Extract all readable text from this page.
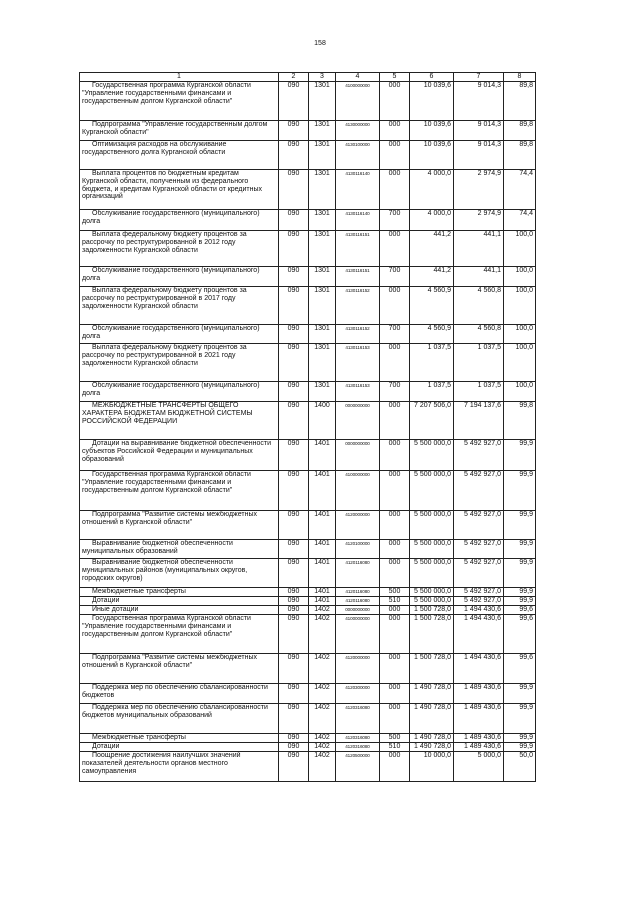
158
1	2	3	4	5	6	7	8
Государственная программа Курганской области "Управление государственными финансами и государственным долгом Курганской области"	090	1301	4100000000	000	10 039,6	9 014,3	89,8
Подпрограмма "Управление государственным долгом Курганской области"	090	1301	4130000000	000	10 039,6	9 014,3	89,8
Оптимизация расходов на обслуживание государственного долга Курганской области	090	1301	4130100000	000	10 039,6	9 014,3	89,8
Выплата процентов по бюджетным кредитам Курганской области, полученным из федерального бюджета, и кредитам Курганской области от кредитных организаций	090	1301	4130116140	000	4 000,0	2 974,9	74,4
Обслуживание государственного (муниципального) долга	090	1301	4130116140	700	4 000,0	2 974,9	74,4
Выплата федеральному бюджету процентов за рассрочку по реструктурированной в 2012 году задолженности Курганской области	090	1301	4130116151	000	441,2	441,1	100,0
Обслуживание государственного (муниципального) долга	090	1301	4130116151	700	441,2	441,1	100,0
Выплата федеральному бюджету процентов за рассрочку по реструктурированной в 2017 году задолженности Курганской области	090	1301	4130116152	000	4 560,9	4 560,8	100,0
Обслуживание государственного (муниципального) долга	090	1301	4130116152	700	4 560,9	4 560,8	100,0
Выплата федеральному бюджету процентов за рассрочку по реструктурированной в 2021 году задолженности Курганской области	090	1301	4130116153	000	1 037,5	1 037,5	100,0
Обслуживание государственного (муниципального) долга	090	1301	4130116153	700	1 037,5	1 037,5	100,0
МЕЖБЮДЖЕТНЫЕ ТРАНСФЕРТЫ ОБЩЕГО ХАРАКТЕРА БЮДЖЕТАМ БЮДЖЕТНОЙ СИСТЕМЫ РОССИЙСКОЙ ФЕДЕРАЦИИ	090	1400	0000000000	000	7 207 506,0	7 194 137,6	99,8
Дотации на выравнивание бюджетной обеспеченности субъектов Российской Федерации и муниципальных образований	090	1401	0000000000	000	5 500 000,0	5 492 927,0	99,9
Государственная программа Курганской области "Управление государственными финансами и государственным долгом Курганской области"	090	1401	4100000000	000	5 500 000,0	5 492 927,0	99,9
Подпрограмма "Развитие системы межбюджетных отношений в Курганской области"	090	1401	4120000000	000	5 500 000,0	5 492 927,0	99,9
Выравнивание бюджетной обеспеченности муниципальных образований	090	1401	4120100000	000	5 500 000,0	5 492 927,0	99,9
Выравнивание бюджетной обеспеченности муниципальных районов (муниципальных округов, городских округов)	090	1401	4120116080	000	5 500 000,0	5 492 927,0	99,9
Межбюджетные трансферты	090	1401	4120116080	500	5 500 000,0	5 492 927,0	99,9
Дотации	090	1401	4120116080	510	5 500 000,0	5 492 927,0	99,9
Иные дотации	090	1402	0000000000	000	1 500 728,0	1 494 430,6	99,6
Государственная программа Курганской области "Управление государственными финансами и государственным долгом Курганской области"	090	1402	4100000000	000	1 500 728,0	1 494 430,6	99,6
Подпрограмма "Развитие системы межбюджетных отношений в Курганской области"	090	1402	4120000000	000	1 500 728,0	1 494 430,6	99,6
Поддержка мер по обеспечению сбалансированности бюджетов	090	1402	4120300000	000	1 490 728,0	1 489 430,6	99,9
Поддержка мер по обеспечению сбалансированности бюджетов муниципальных образований	090	1402	4120316080	000	1 490 728,0	1 489 430,6	99,9
Межбюджетные трансферты	090	1402	4120316080	500	1 490 728,0	1 489 430,6	99,9
Дотации	090	1402	4120316080	510	1 490 728,0	1 489 430,6	99,9
Поощрение достижения наилучших значений показателей деятельности органов местного самоуправления	090	1402	4120500000	000	10 000,0	5 000,0	50,0
